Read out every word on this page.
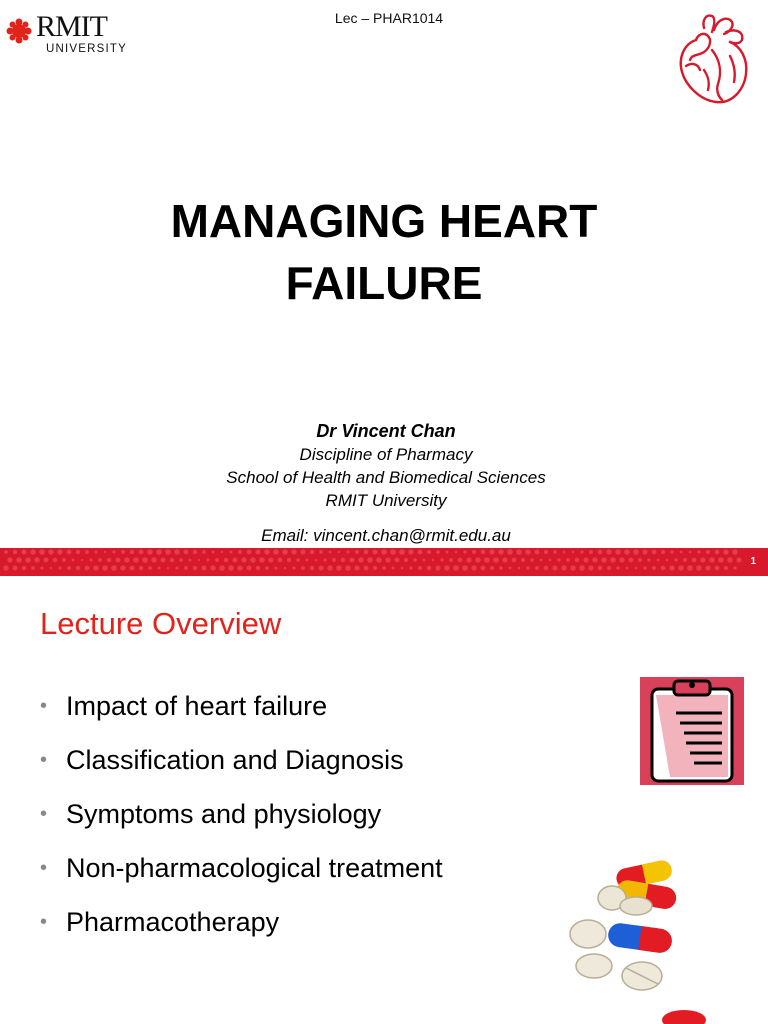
RMIT
UNIVERSITY
Lec – PHAR1014
MANAGING HEART
FAILURE
Dr Vincent Chan
Discipline of Pharmacy
School of Health and Biomedical Sciences
RMIT University
Email: vincent.chan@rmit.edu.au
1
Lecture Overview
• Impact of heart failure
• Classification and Diagnosis
• Symptoms and physiology
• Non-pharmacological treatment
• Pharmacotherapy
